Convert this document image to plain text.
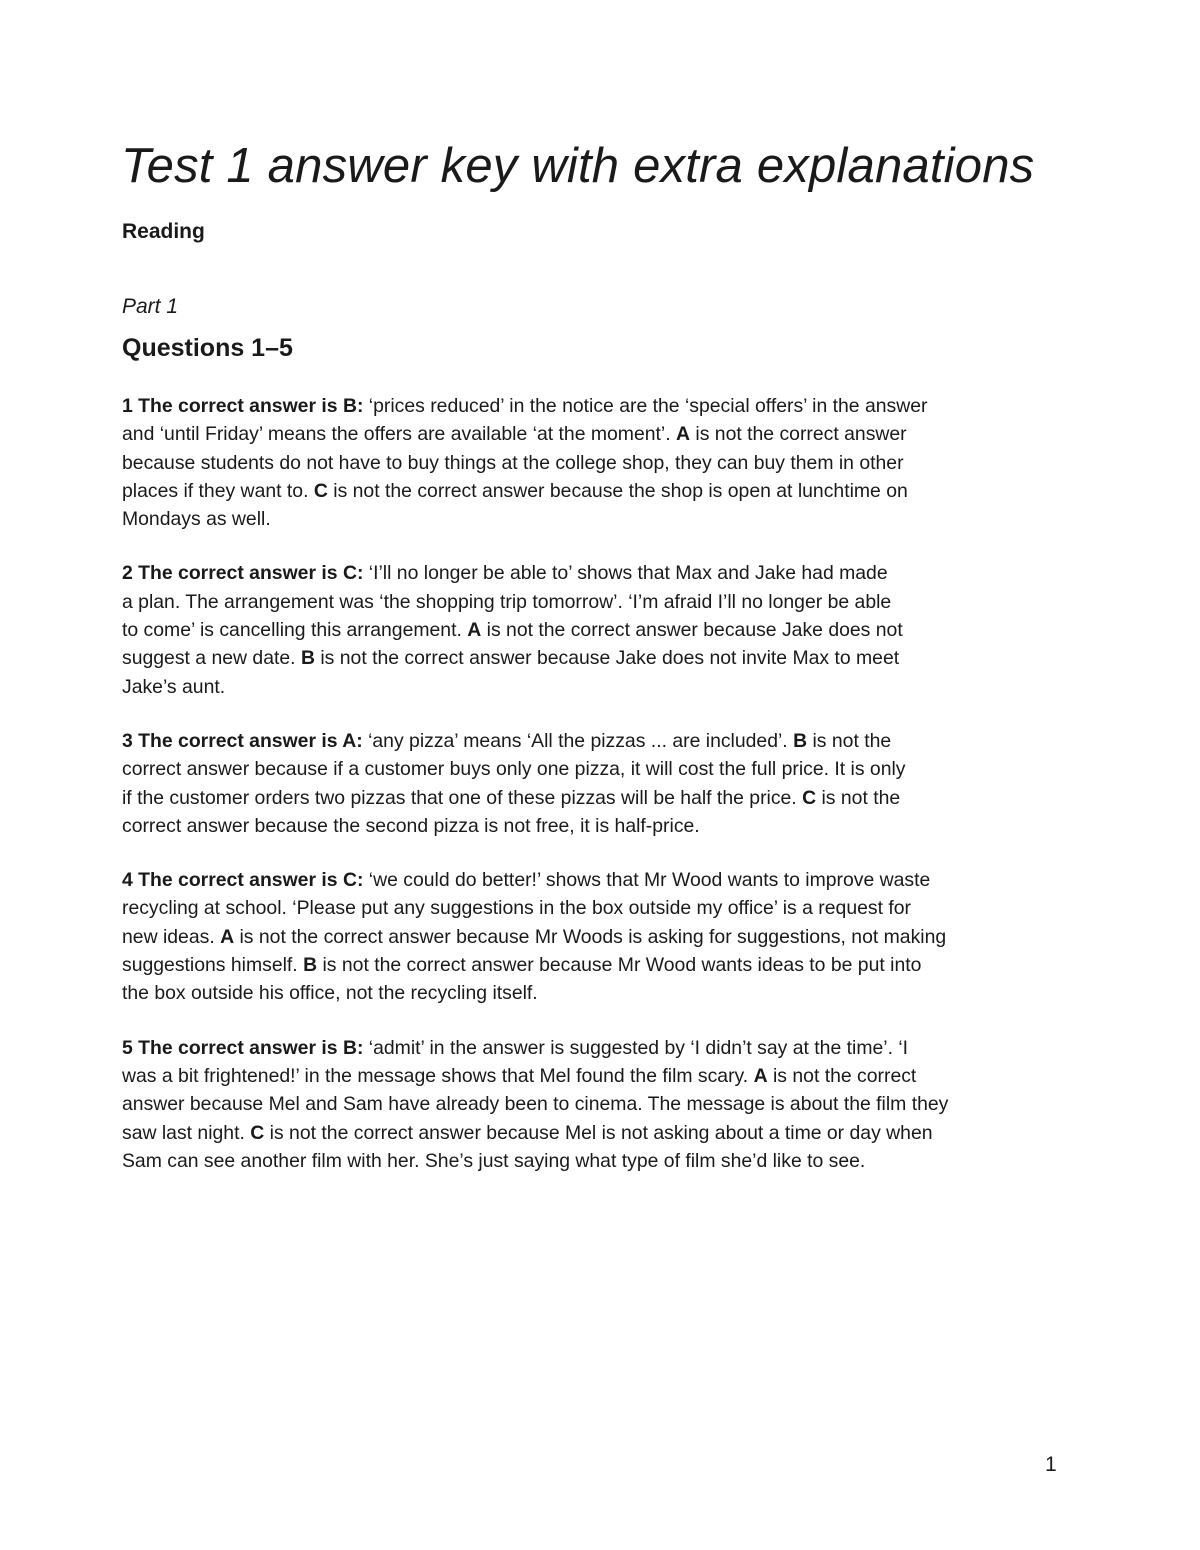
Test 1 answer key with extra explanations
Reading

Part 1

Questions 1–5

1 The correct answer is B: ‘prices reduced’ in the notice are the ‘special offers’ in the answer
and ‘until Friday’ means the offers are available ‘at the moment’. A is not the correct answer
because students do not have to buy things at the college shop, they can buy them in other
places if they want to. C is not the correct answer because the shop is open at lunchtime on
Mondays as well.

2 The correct answer is C: ‘I’ll no longer be able to’ shows that Max and Jake had made
a plan. The arrangement was ‘the shopping trip tomorrow’. ‘I’m afraid I’ll no longer be able
to come’ is cancelling this arrangement. A is not the correct answer because Jake does not
suggest a new date. B is not the correct answer because Jake does not invite Max to meet
Jake’s aunt.

3 The correct answer is A: ‘any pizza’ means ‘All the pizzas ... are included’. B is not the
correct answer because if a customer buys only one pizza, it will cost the full price. It is only
if the customer orders two pizzas that one of these pizzas will be half the price. C is not the
correct answer because the second pizza is not free, it is half-price.

4 The correct answer is C: ‘we could do better!’ shows that Mr Wood wants to improve waste
recycling at school. ‘Please put any suggestions in the box outside my office’ is a request for
new ideas. A is not the correct answer because Mr Woods is asking for suggestions, not making
suggestions himself. B is not the correct answer because Mr Wood wants ideas to be put into
the box outside his office, not the recycling itself.

5 The correct answer is B: ‘admit’ in the answer is suggested by ‘I didn’t say at the time’. ‘I
was a bit frightened!’ in the message shows that Mel found the film scary. A is not the correct
answer because Mel and Sam have already been to cinema. The message is about the film they
saw last night. C is not the correct answer because Mel is not asking about a time or day when
Sam can see another film with her. She’s just saying what type of film she’d like to see.

1
